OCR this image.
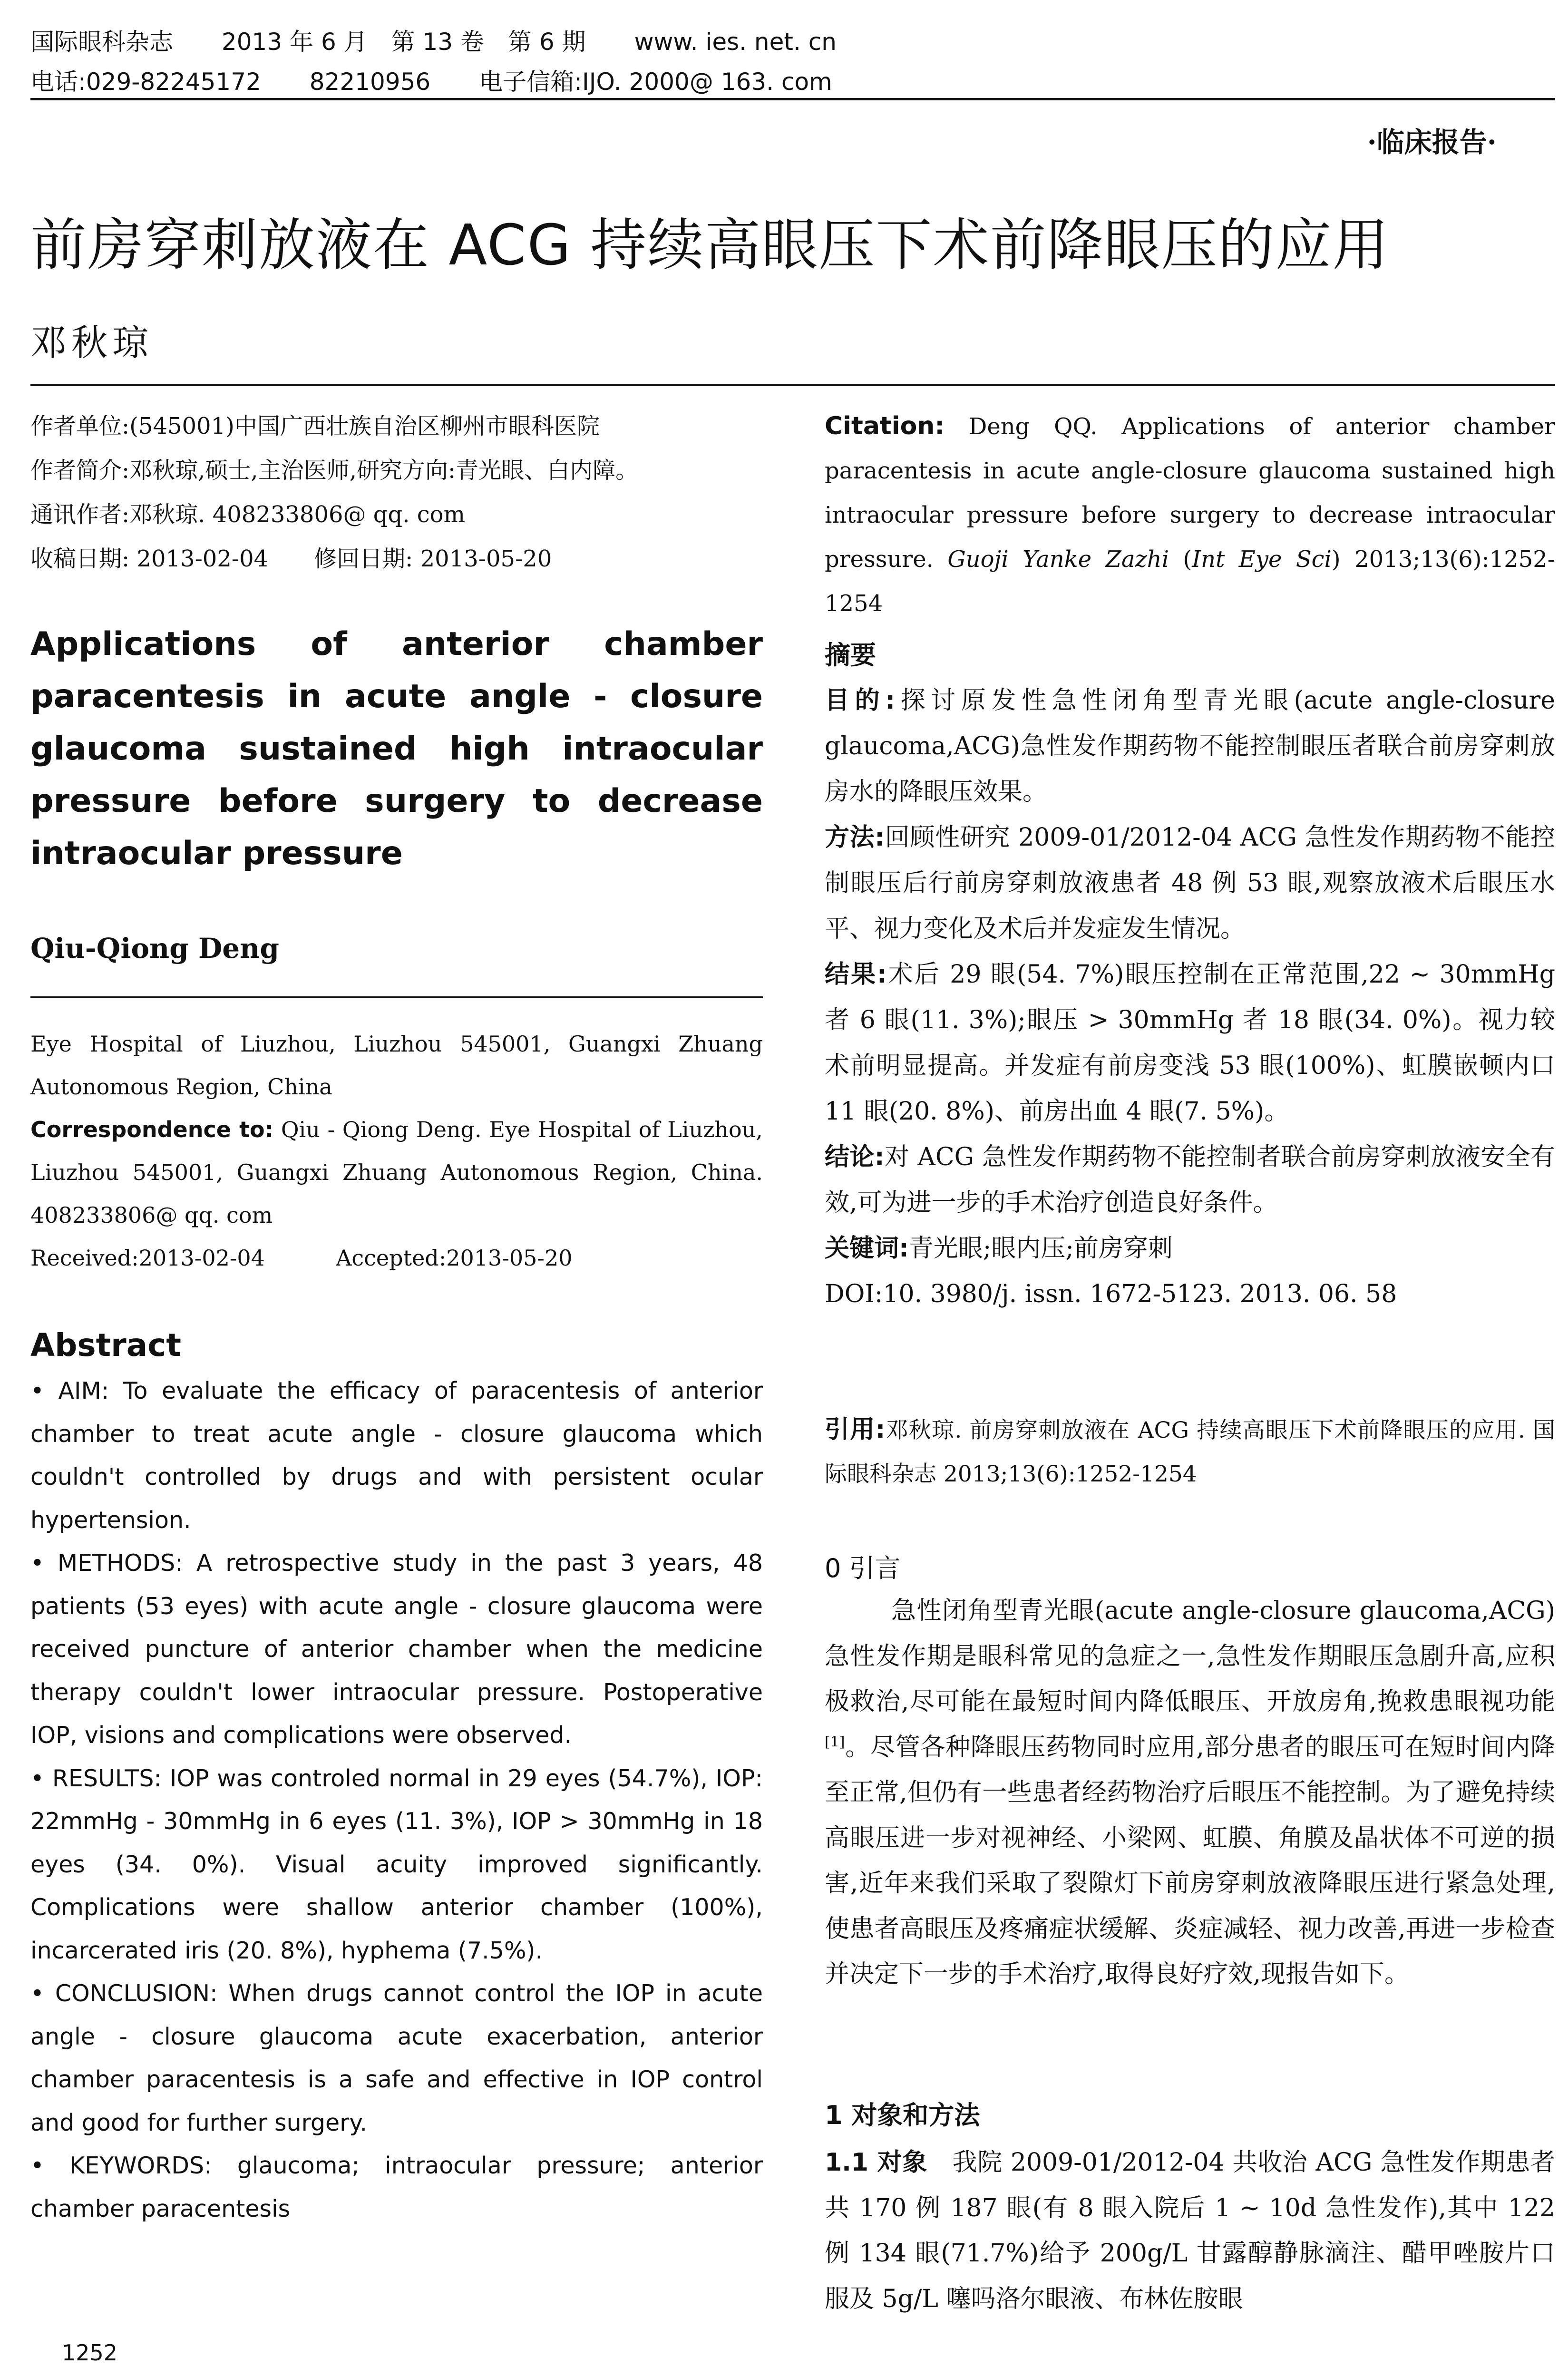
国际眼科杂志 2013 年 6 月　第 13 卷　第 6 期 www. ies. net. cn
电话:029-82245172 82210956 电子信箱:IJO. 2000@ 163. com
·临床报告·
前房穿刺放液在 ACG 持续高眼压下术前降眼压的应用
邓秋琼
作者单位:(545001)中国广西壮族自治区柳州市眼科医院
作者简介:邓秋琼,硕士,主治医师,研究方向:青光眼、白内障。
通讯作者:邓秋琼. 408233806@ qq. com
收稿日期: 2013-02-04　　修回日期: 2013-05-20
Citation: Deng QQ. Applications of anterior chamber paracentesis in acute angle-closure glaucoma sustained high intraocular pressure before surgery to decrease intraocular pressure. Guoji Yanke Zazhi (Int Eye Sci) 2013;13(6):1252-1254
Applications of anterior chamber paracentesis in acute angle - closure glaucoma sustained high intraocular pressure before surgery to decrease intraocular pressure
Qiu-Qiong Deng
Eye Hospital of Liuzhou, Liuzhou 545001, Guangxi Zhuang Autonomous Region, China
Correspondence to: Qiu - Qiong Deng. Eye Hospital of Liuzhou, Liuzhou 545001, Guangxi Zhuang Autonomous Region, China. 408233806@ qq. com
Received:2013-02-04	Accepted:2013-05-20
Abstract
• AIM: To evaluate the efficacy of paracentesis of anterior chamber to treat acute angle - closure glaucoma which couldn't controlled by drugs and with persistent ocular hypertension.
• METHODS: A retrospective study in the past 3 years, 48 patients (53 eyes) with acute angle - closure glaucoma were received puncture of anterior chamber when the medicine therapy couldn't lower intraocular pressure. Postoperative IOP, visions and complications were observed.
• RESULTS: IOP was controled normal in 29 eyes (54.7%), IOP: 22mmHg - 30mmHg in 6 eyes (11. 3%), IOP > 30mmHg in 18 eyes (34. 0%). Visual acuity improved significantly. Complications were shallow anterior chamber (100%), incarcerated iris (20. 8%), hyphema (7.5%).
• CONCLUSION: When drugs cannot control the IOP in acute angle - closure glaucoma acute exacerbation, anterior chamber paracentesis is a safe and effective in IOP control and good for further surgery.
• KEYWORDS: glaucoma; intraocular pressure; anterior chamber paracentesis
1252
摘要
目的:探讨原发性急性闭角型青光眼(acute angle-closure glaucoma,ACG)急性发作期药物不能控制眼压者联合前房穿刺放房水的降眼压效果。
方法:回顾性研究 2009-01/2012-04 ACG 急性发作期药物不能控制眼压后行前房穿刺放液患者 48 例 53 眼,观察放液术后眼压水平、视力变化及术后并发症发生情况。
结果:术后 29 眼(54. 7%)眼压控制在正常范围,22 ~ 30mmHg 者 6 眼(11. 3%);眼压 > 30mmHg 者 18 眼(34. 0%)。视力较术前明显提高。并发症有前房变浅 53 眼(100%)、虹膜嵌顿内口 11 眼(20. 8%)、前房出血 4 眼(7. 5%)。
结论:对 ACG 急性发作期药物不能控制者联合前房穿刺放液安全有效,可为进一步的手术治疗创造良好条件。
关键词:青光眼;眼内压;前房穿刺
DOI:10. 3980/j. issn. 1672-5123. 2013. 06. 58
引用:邓秋琼. 前房穿刺放液在 ACG 持续高眼压下术前降眼压的应用. 国际眼科杂志 2013;13(6):1252-1254
0 引言
急性闭角型青光眼(acute angle-closure glaucoma,ACG)急性发作期是眼科常见的急症之一,急性发作期眼压急剧升高,应积极救治,尽可能在最短时间内降低眼压、开放房角,挽救患眼视功能[1]。尽管各种降眼压药物同时应用,部分患者的眼压可在短时间内降至正常,但仍有一些患者经药物治疗后眼压不能控制。为了避免持续高眼压进一步对视神经、小梁网、虹膜、角膜及晶状体不可逆的损害,近年来我们采取了裂隙灯下前房穿刺放液降眼压进行紧急处理,使患者高眼压及疼痛症状缓解、炎症减轻、视力改善,再进一步检查并决定下一步的手术治疗,取得良好疗效,现报告如下。
1 对象和方法
1.1 对象　 我院 2009-01/2012-04 共收治 ACG 急性发作期患者共 170 例 187 眼(有 8 眼入院后 1 ~ 10d 急性发作),其中 122 例 134 眼(71.7%)给予 200g/L 甘露醇静脉滴注、醋甲唑胺片口服及 5g/L 噻吗洛尔眼液、布林佐胺眼
